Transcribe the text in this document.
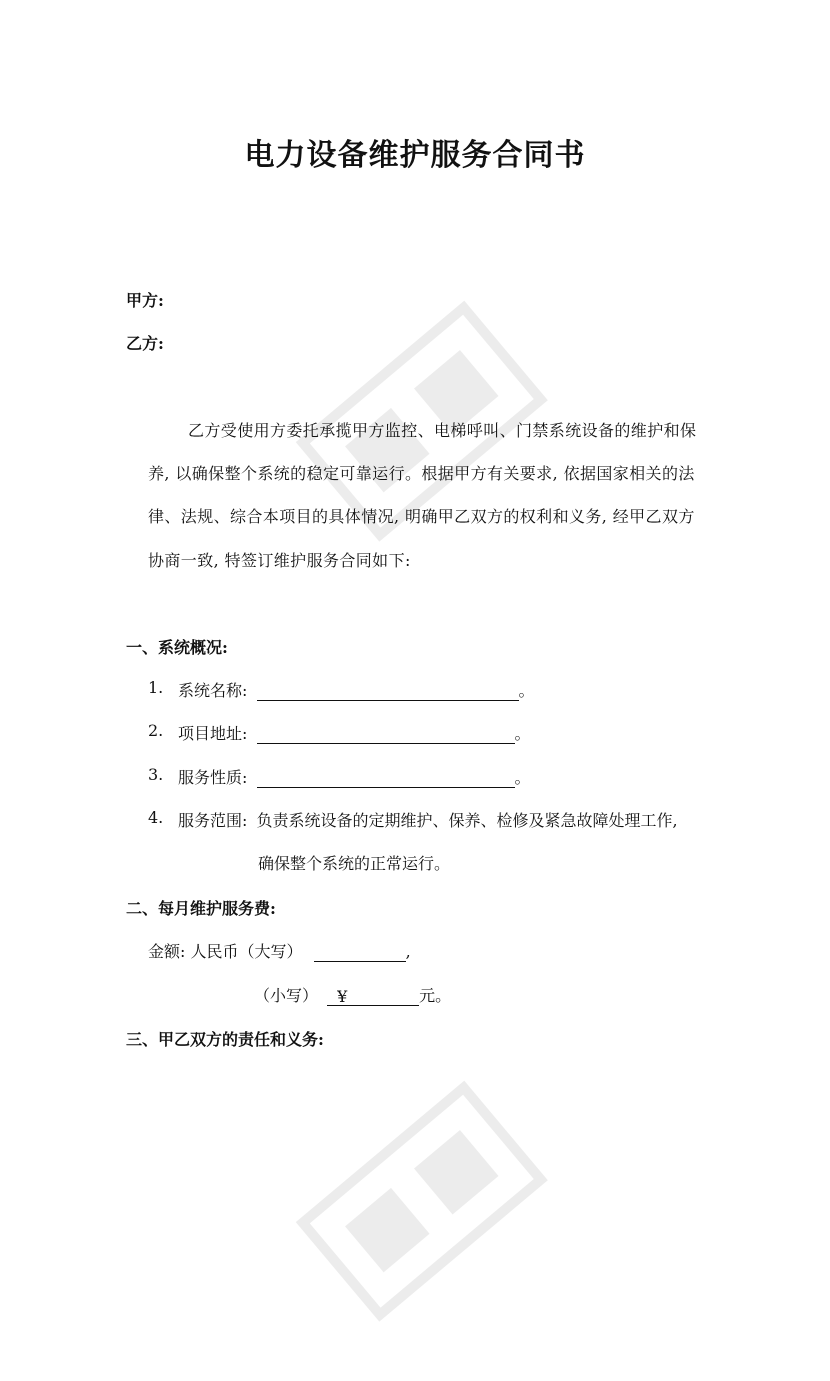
电力设备维护服务合同书
甲方:
乙方:
乙方受使用方委托承揽甲方监控、电梯呼叫、门禁系统设备的维护和保
养, 以确保整个系统的稳定可靠运行。根据甲方有关要求, 依据国家相关的法
律、法规、综合本项目的具体情况, 明确甲乙双方的权利和义务, 经甲乙双方
协商一致, 特签订维护服务合同如下:
一、系统概况:
1. 系统名称:	。
2. 项目地址:	。
3. 服务性质:	。
4. 服务范围: 负责系统设备的定期维护、保养、检修及紧急故障处理工作,
确保整个系统的正常运行。
二、每月维护服务费:
金额: 人民币（大写）	,
（小写） ¥	元。
三、甲乙双方的责任和义务:
